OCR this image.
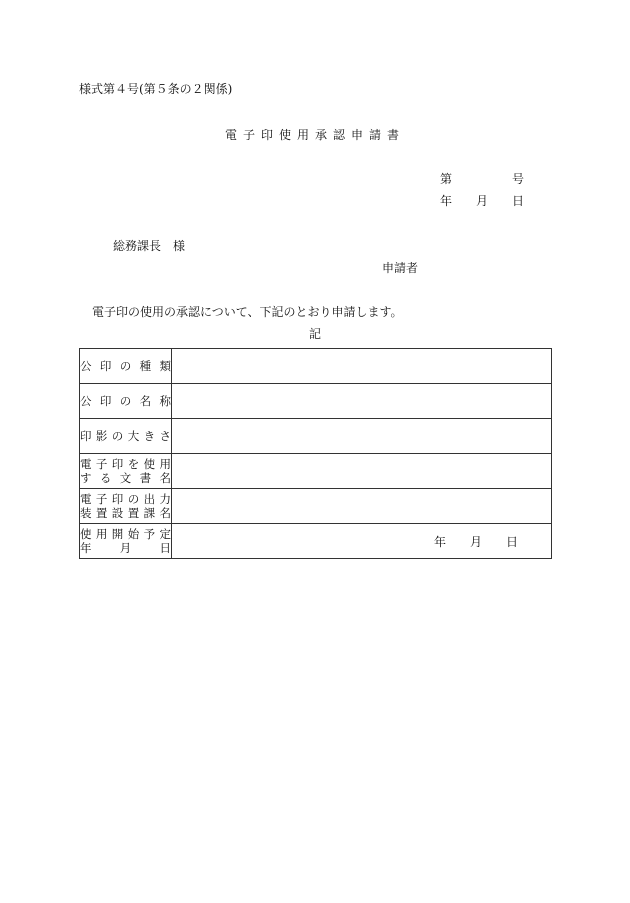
様式第４号(第５条の２関係)
電子印使用承認申請書
第	号
年 月 日
総務課長　様
申請者
電子印の使用の承認について、下記のとおり申請します。
記
公 印 の 種 類	

公 印 の 名 称	

印影の大きさ	

電子印を使用
す る 文 書 名	

電子印の出力
装置設置課名	

使用開始予定
年　　月　　日	年 月 日
